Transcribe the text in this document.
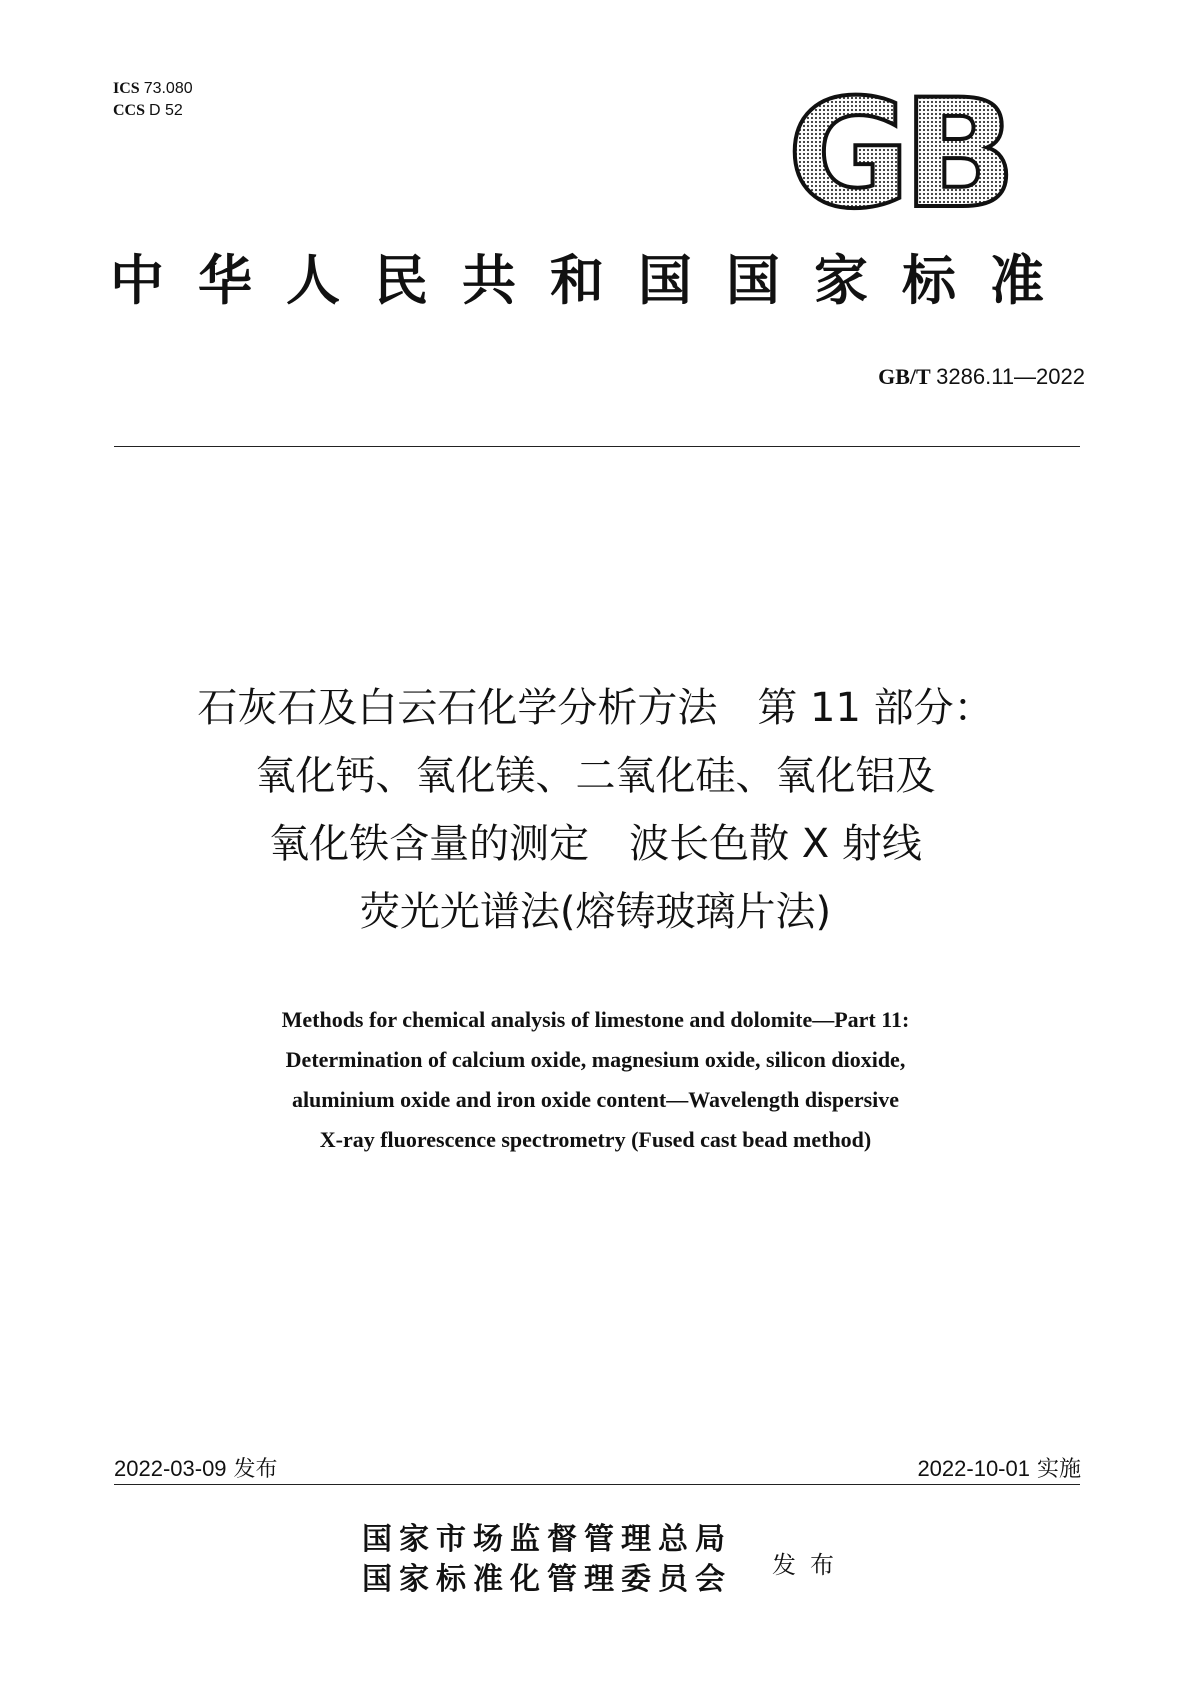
ICS 73.080
CCS D 52	GB
中华人民共和国国家标准
GB/T 3286.11—2022
石灰石及白云石化学分析方法　第 11 部分：
氧化钙、氧化镁、二氧化硅、氧化铝及
氧化铁含量的测定　波长色散 X 射线
荧光光谱法(熔铸玻璃片法)
Methods for chemical analysis of limestone and dolomite—Part 11:
Determination of calcium oxide, magnesium oxide, silicon dioxide,
aluminium oxide and iron oxide content—Wavelength dispersive
X-ray fluorescence spectrometry (Fused cast bead method)
2022-03-09 发布	2022-10-01 实施
国家市场监督管理总局
国家标准化管理委员会 发布
